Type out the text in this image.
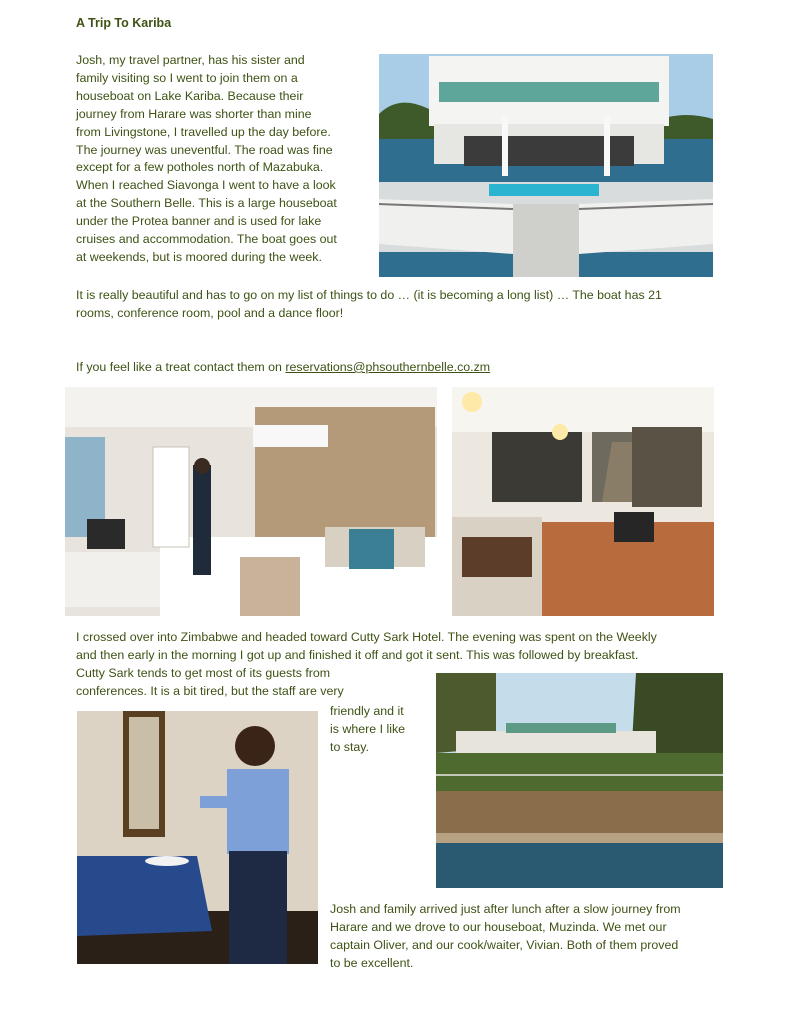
A Trip To Kariba
Josh, my travel partner, has his sister and
family visiting so I went to join them on a
houseboat on Lake Kariba. Because their
journey from Harare was shorter than mine
from Livingstone, I travelled up the day before.
The journey was uneventful. The road was fine
except for a few potholes north of Mazabuka.
When I reached Siavonga I went to have a look
at the Southern Belle. This is a large houseboat
under the Protea banner and is used for lake
cruises and accommodation. The boat goes out
at weekends, but is moored during the week.
It is really beautiful and has to go on my list of things to do … (it is becoming a long list) … The boat has 21
rooms, conference room, pool and a dance floor!

If you feel like a treat contact them on reservations@phsouthernbelle.co.zm

I crossed over into Zimbabwe and headed toward Cutty Sark Hotel. The evening was spent on the Weekly
and then early in the morning I got up and finished it off and got it sent. This was followed by breakfast.
Cutty Sark tends to get most of its guests from
conferences. It is a bit tired, but the staff are very
friendly and it
is where I like
to stay.
Josh and family arrived just after lunch after a slow journey from
Harare and we drove to our houseboat, Muzinda. We met our
captain Oliver, and our cook/waiter, Vivian. Both of them proved
to be excellent.
